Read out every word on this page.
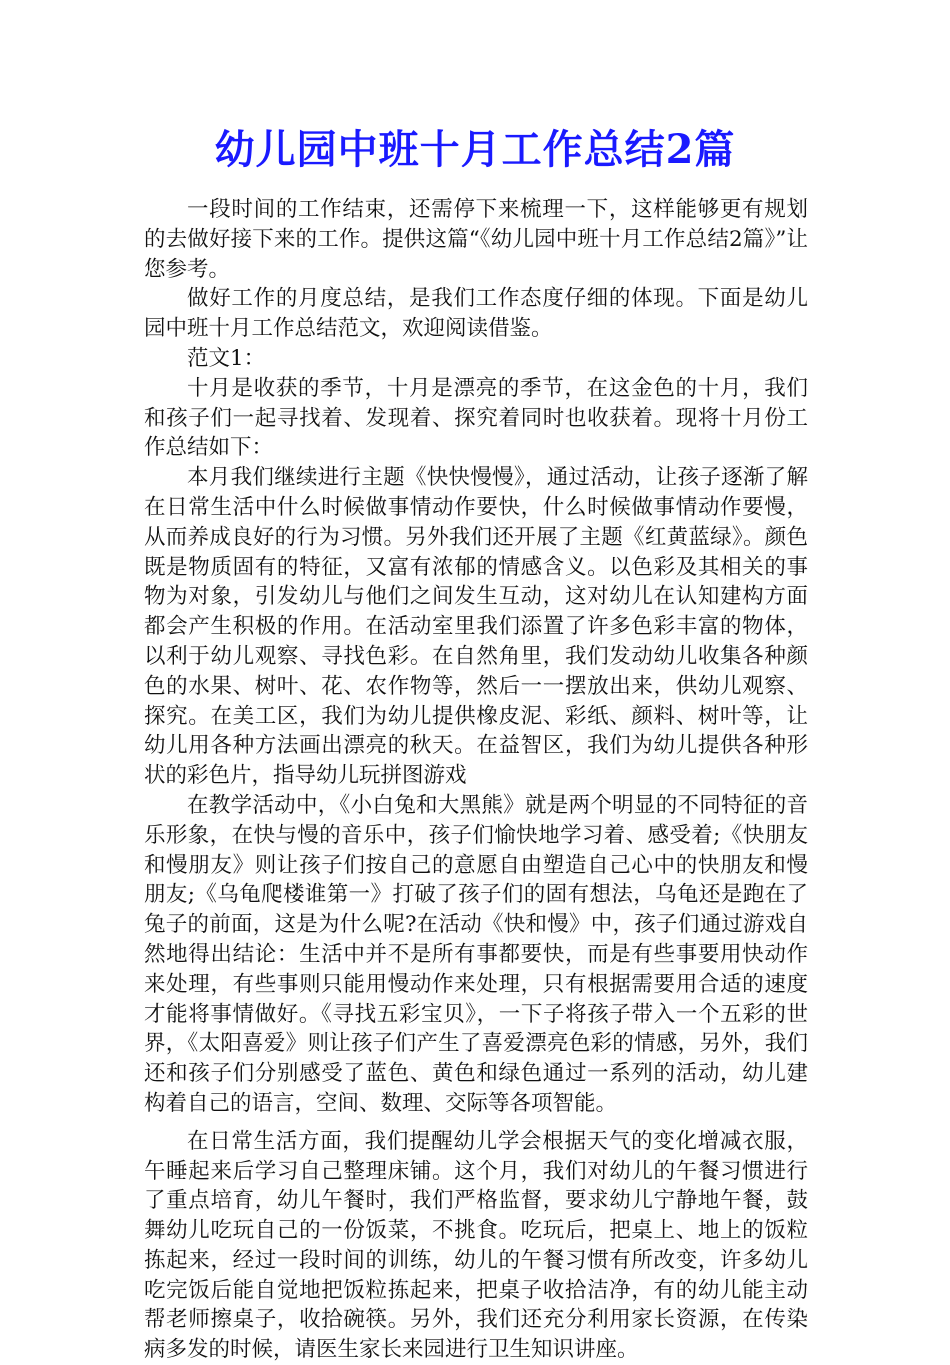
幼儿园中班十月工作总结2篇

一段时间的工作结束，还需停下来梳理一下，这样能够更有规划的去做好接下来的工作。提供这篇“《幼儿园中班十月工作总结2篇》”让您参考。

做好工作的月度总结，是我们工作态度仔细的体现。下面是幼儿园中班十月工作总结范文，欢迎阅读借鉴。

范文1：

十月是收获的季节，十月是漂亮的季节，在这金色的十月，我们和孩子们一起寻找着、发现着、探究着同时也收获着。现将十月份工作总结如下：

本月我们继续进行主题《快快慢慢》，通过活动，让孩子逐渐了解在日常生活中什么时候做事情动作要快，什么时候做事情动作要慢，从而养成良好的行为习惯。另外我们还开展了主题《红黄蓝绿》。颜色既是物质固有的特征，又富有浓郁的情感含义。以色彩及其相关的事物为对象，引发幼儿与他们之间发生互动，这对幼儿在认知建构方面都会产生积极的作用。在活动室里我们添置了许多色彩丰富的物体，以利于幼儿观察、寻找色彩。在自然角里，我们发动幼儿收集各种颜色的水果、树叶、花、农作物等，然后一一摆放出来，供幼儿观察、探究。在美工区，我们为幼儿提供橡皮泥、彩纸、颜料、树叶等，让幼儿用各种方法画出漂亮的秋天。在益智区，我们为幼儿提供各种形状的彩色片，指导幼儿玩拼图游戏

在教学活动中，《小白兔和大黑熊》就是两个明显的不同特征的音乐形象，在快与慢的音乐中，孩子们愉快地学习着、感受着;《快朋友和慢朋友》则让孩子们按自己的意愿自由塑造自己心中的快朋友和慢朋友;《乌龟爬楼谁第一》打破了孩子们的固有想法，乌龟还是跑在了兔子的前面，这是为什么呢?在活动《快和慢》中，孩子们通过游戏自然地得出结论：生活中并不是所有事都要快，而是有些事要用快动作来处理，有些事则只能用慢动作来处理，只有根据需要用合适的速度才能将事情做好。《寻找五彩宝贝》，一下子将孩子带入一个五彩的世界，《太阳喜爱》则让孩子们产生了喜爱漂亮色彩的情感，另外，我们还和孩子们分别感受了蓝色、黄色和绿色通过一系列的活动，幼儿建构着自己的语言，空间、数理、交际等各项智能。

在日常生活方面，我们提醒幼儿学会根据天气的变化增减衣服，午睡起来后学习自己整理床铺。这个月，我们对幼儿的午餐习惯进行了重点培育，幼儿午餐时，我们严格监督，要求幼儿宁静地午餐，鼓舞幼儿吃玩自己的一份饭菜，不挑食。吃玩后，把桌上、地上的饭粒拣起来，经过一段时间的训练，幼儿的午餐习惯有所改变，许多幼儿吃完饭后能自觉地把饭粒拣起来，把桌子收拾洁净，有的幼儿能主动帮老师擦桌子，收拾碗筷。另外，我们还充分利用家长资源，在传染病多发的时候，请医生家长来园进行卫生知识讲座。
